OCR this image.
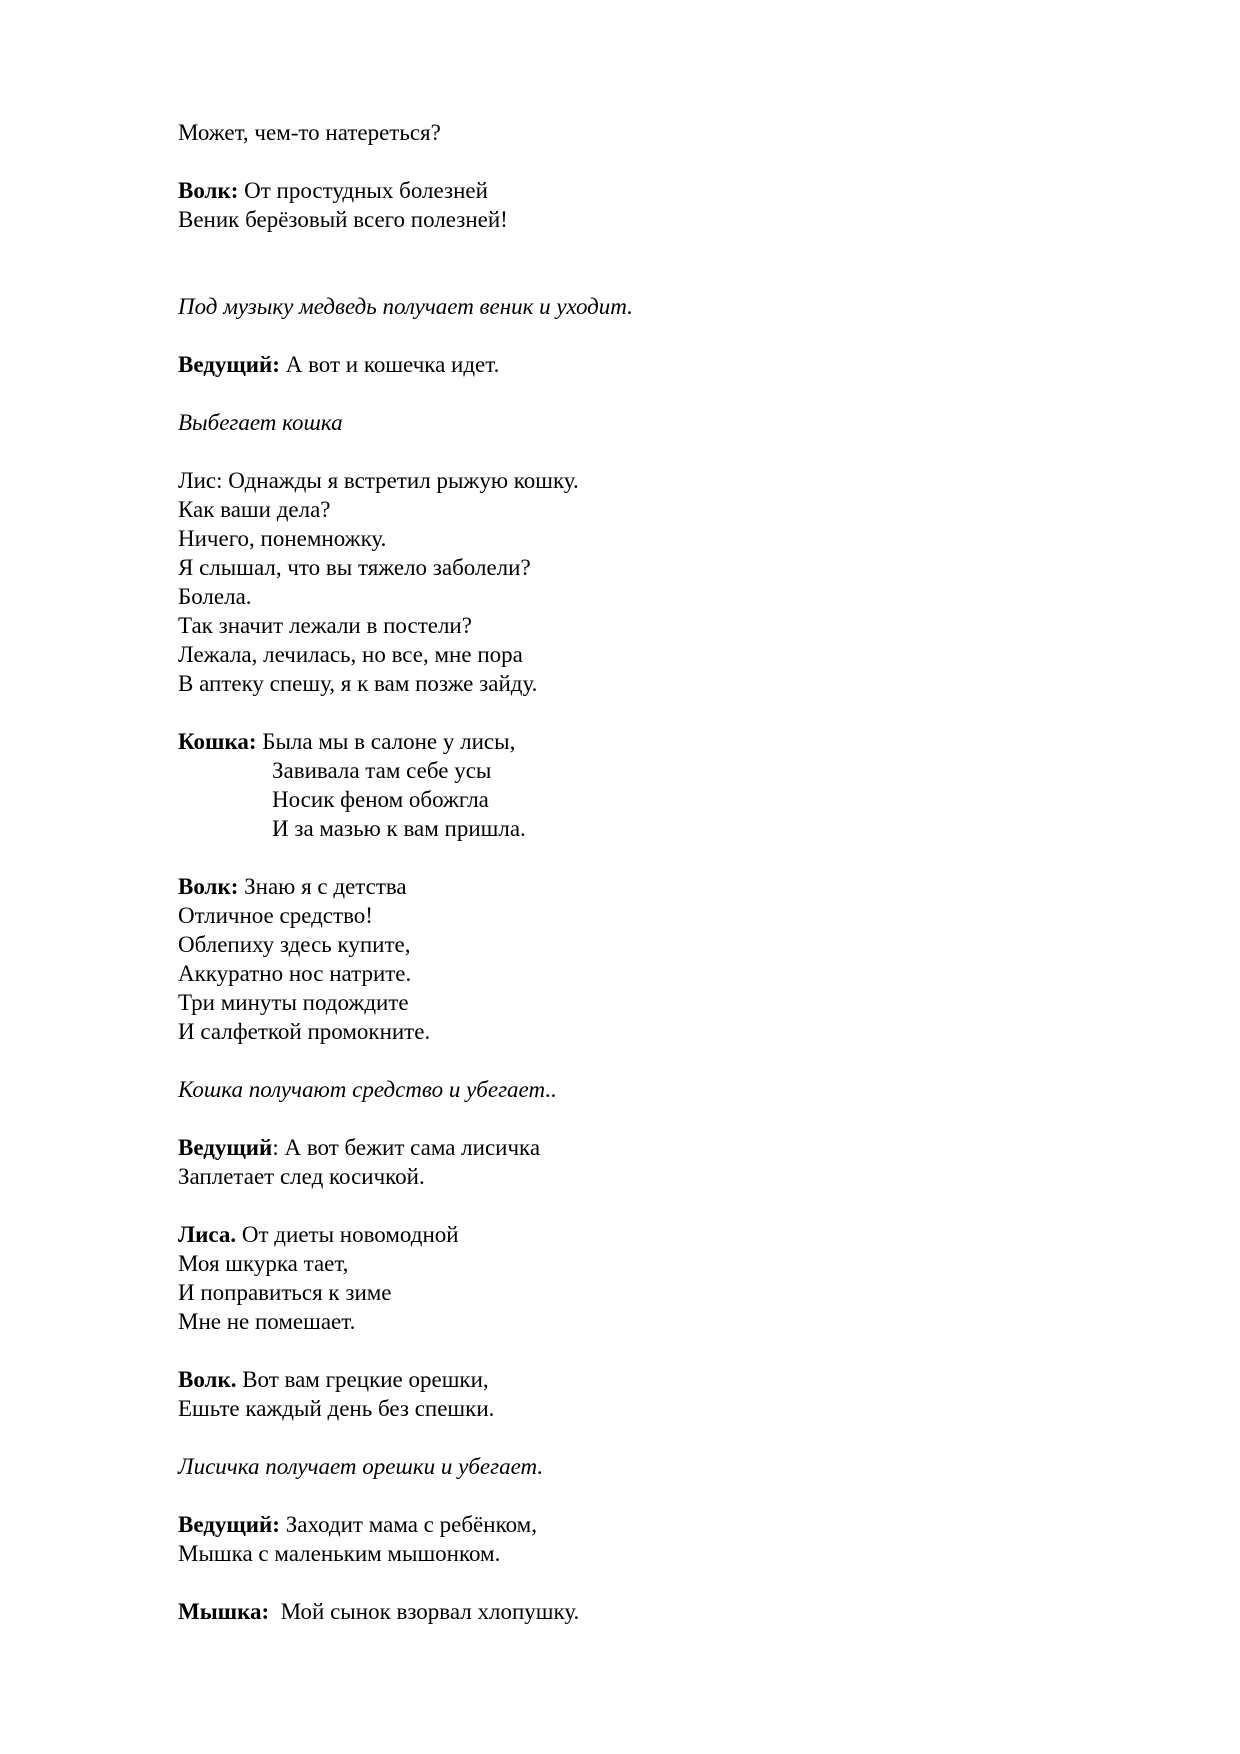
Может, чем-то натереться?
Волк: От простудных болезней
Веник берёзовый всего полезней!
Под музыку медведь получает веник и уходит.
Ведущий: А вот и кошечка идет.
Выбегает кошка
Лис: Однажды я встретил рыжую кошку.
Как ваши дела?
Ничего, понемножку.
Я слышал, что вы тяжело заболели?
Болела.
Так значит лежали в постели?
Лежала, лечилась, но все, мне пора
В аптеку спешу, я к вам позже зайду.
Кошка: Была мы в салоне у лисы,
Завивала там себе усы
Носик феном обожгла
И за мазью к вам пришла.
Волк: Знаю я с детства
Отличное средство!
Облепиху здесь купите,
Аккуратно нос натрите.
Три минуты подождите
И салфеткой промокните.
Кошка получают средство и убегает..
Ведущий: А вот бежит сама лисичка
Заплетает след косичкой.
Лиса. От диеты новомодной
Моя шкурка тает,
И поправиться к зиме
Мне не помешает.
Волк. Вот вам грецкие орешки,
Ешьте каждый день без спешки.
Лисичка получает орешки и убегает.
Ведущий: Заходит мама с ребёнком,
Мышка с маленьким мышонком.
Мышка:  Мой сынок взорвал хлопушку.
